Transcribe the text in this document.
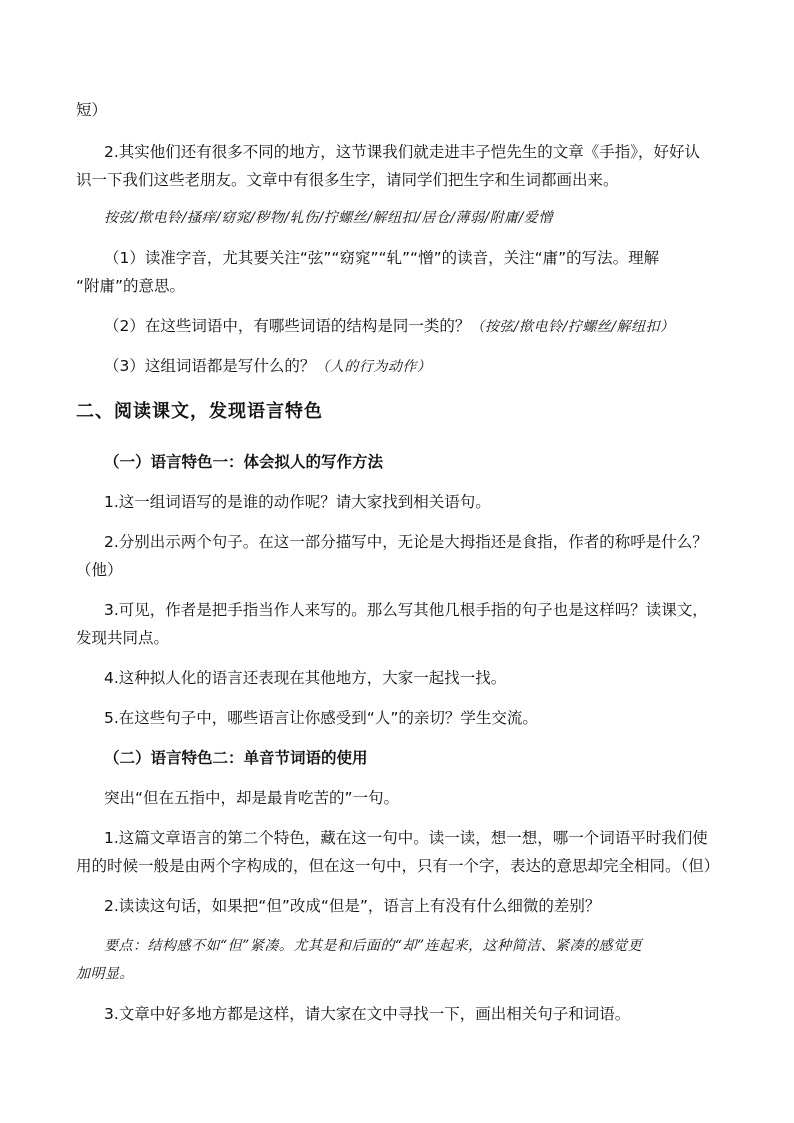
短）
2.其实他们还有很多不同的地方，这节课我们就走进丰子恺先生的文章《手指》，好好认
识一下我们这些老朋友。文章中有很多生字，请同学们把生字和生词都画出来。
按弦/揿电铃/搔痒/窈窕/秽物/轧伤/拧螺丝/解纽扣/居仓/薄弱/附庸/爱憎
（1）读准字音，尤其要关注“弦”“窈窕”“轧”“憎”的读音，关注“庸”的写法。理解
“附庸”的意思。
（2）在这些词语中，有哪些词语的结构是同一类的？（按弦/揿电铃/拧螺丝/解纽扣）
（3）这组词语都是写什么的？（人的行为动作）
二、阅读课文，发现语言特色
（一）语言特色一：体会拟人的写作方法
1.这一组词语写的是谁的动作呢？请大家找到相关语句。
2.分别出示两个句子。在这一部分描写中，无论是大拇指还是食指，作者的称呼是什么？
（他）
3.可见，作者是把手指当作人来写的。那么写其他几根手指的句子也是这样吗？读课文，
发现共同点。
4.这种拟人化的语言还表现在其他地方，大家一起找一找。
5.在这些句子中，哪些语言让你感受到“人”的亲切？学生交流。
（二）语言特色二：单音节词语的使用
突出“但在五指中，却是最肯吃苦的”一句。
1.这篇文章语言的第二个特色，藏在这一句中。读一读，想一想，哪一个词语平时我们使
用的时候一般是由两个字构成的，但在这一句中，只有一个字，表达的意思却完全相同。（但）
2.读读这句话，如果把“但”改成“但是”，语言上有没有什么细微的差别？
要点：结构感不如“但”紧凑。尤其是和后面的“却”连起来，这种简洁、紧凑的感觉更
加明显。
3.文章中好多地方都是这样，请大家在文中寻找一下，画出相关句子和词语。
